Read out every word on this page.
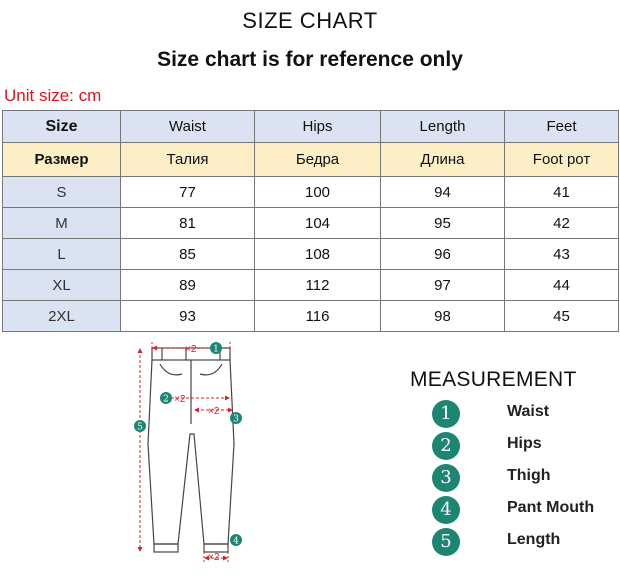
SIZE CHART
Size chart is for reference only
Unit size: cm
Size	Waist	Hips	Length	Feet
Размер	Талия	Бедра	Длина	Foot рот
S	77	100	94	41
M	81	104	95	42
L	85	108	96	43
XL	89	112	97	44
2XL	93	116	98	45
×2 1
2 ×2
×2
3
5
×2
4
MEASUREMENT
1	Waist
2	Hips
3	Thigh
4	Pant Mouth
5	Length
